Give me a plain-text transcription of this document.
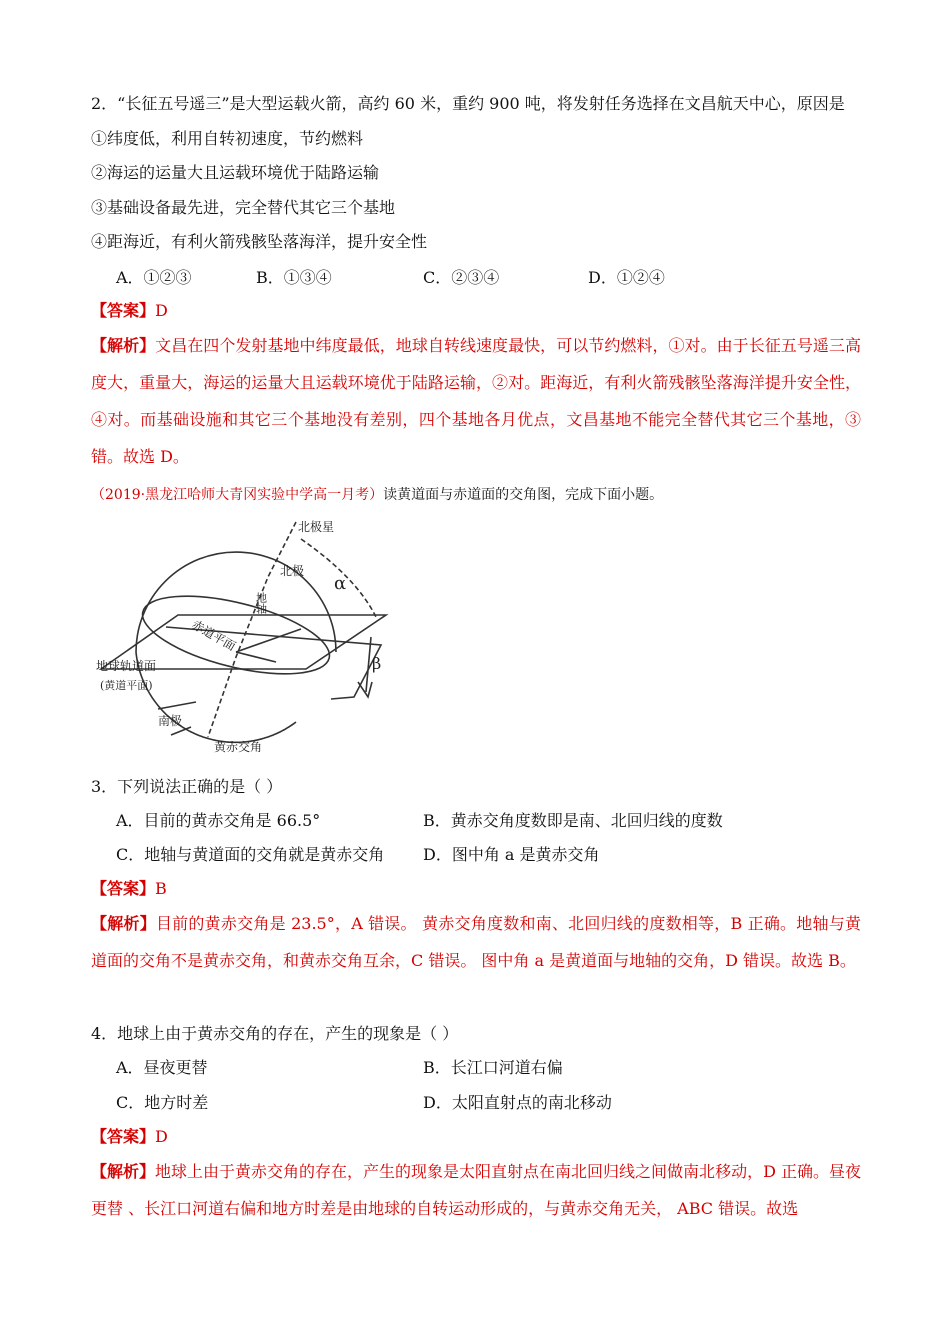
2．“长征五号遥三”是大型运载火箭，高约 60 米，重约 900 吨，将发射任务选择在文昌航天中心，原因是
①纬度低，利用自转初速度，节约燃料
②海运的运量大且运载环境优于陆路运输
③基础设备最先进，完全替代其它三个基地
④距海近，有利火箭残骸坠落海洋，提升安全性
A．①②③	B．①③④	C．②③④	D．①②④
【答案】D
【解析】文昌在四个发射基地中纬度最低，地球自转线速度最快，可以节约燃料，①对。由于长征五号遥三高度大，重量大，海运的运量大且运载环境优于陆路运输，②对。距海近，有利火箭残骸坠落海洋提升安全性，④对。而基础设施和其它三个基地没有差别，四个基地各月优点，文昌基地不能完全替代其它三个基地，③错。故选 D。
（2019·黑龙江哈师大青冈实验中学高一月考）读黄道面与赤道面的交角图，完成下面小题。
北极星
北极
α
地轴
赤道平面
β
地球轨道面
(黄道平面)
南极
黄赤交角
3．下列说法正确的是（ ）
A．目前的黄赤交角是 66.5°	B．黄赤交角度数即是南、北回归线的度数
C．地轴与黄道面的交角就是黄赤交角 D．图中角 a 是黄赤交角
【答案】B
【解析】目前的黄赤交角是 23.5°，A 错误。 黄赤交角度数和南、北回归线的度数相等，B 正确。地轴与黄道面的交角不是黄赤交角，和黄赤交角互余，C 错误。 图中角 a 是黄道面与地轴的交角，D 错误。故选 B。
4．地球上由于黄赤交角的存在，产生的现象是（ ）
A．昼夜更替	B．长江口河道右偏
C．地方时差	D．太阳直射点的南北移动
【答案】D
【解析】地球上由于黄赤交角的存在，产生的现象是太阳直射点在南北回归线之间做南北移动，D 正确。昼夜更替 、长江口河道右偏和地方时差是由地球的自转运动形成的，与黄赤交角无关， ABC 错误。故选
